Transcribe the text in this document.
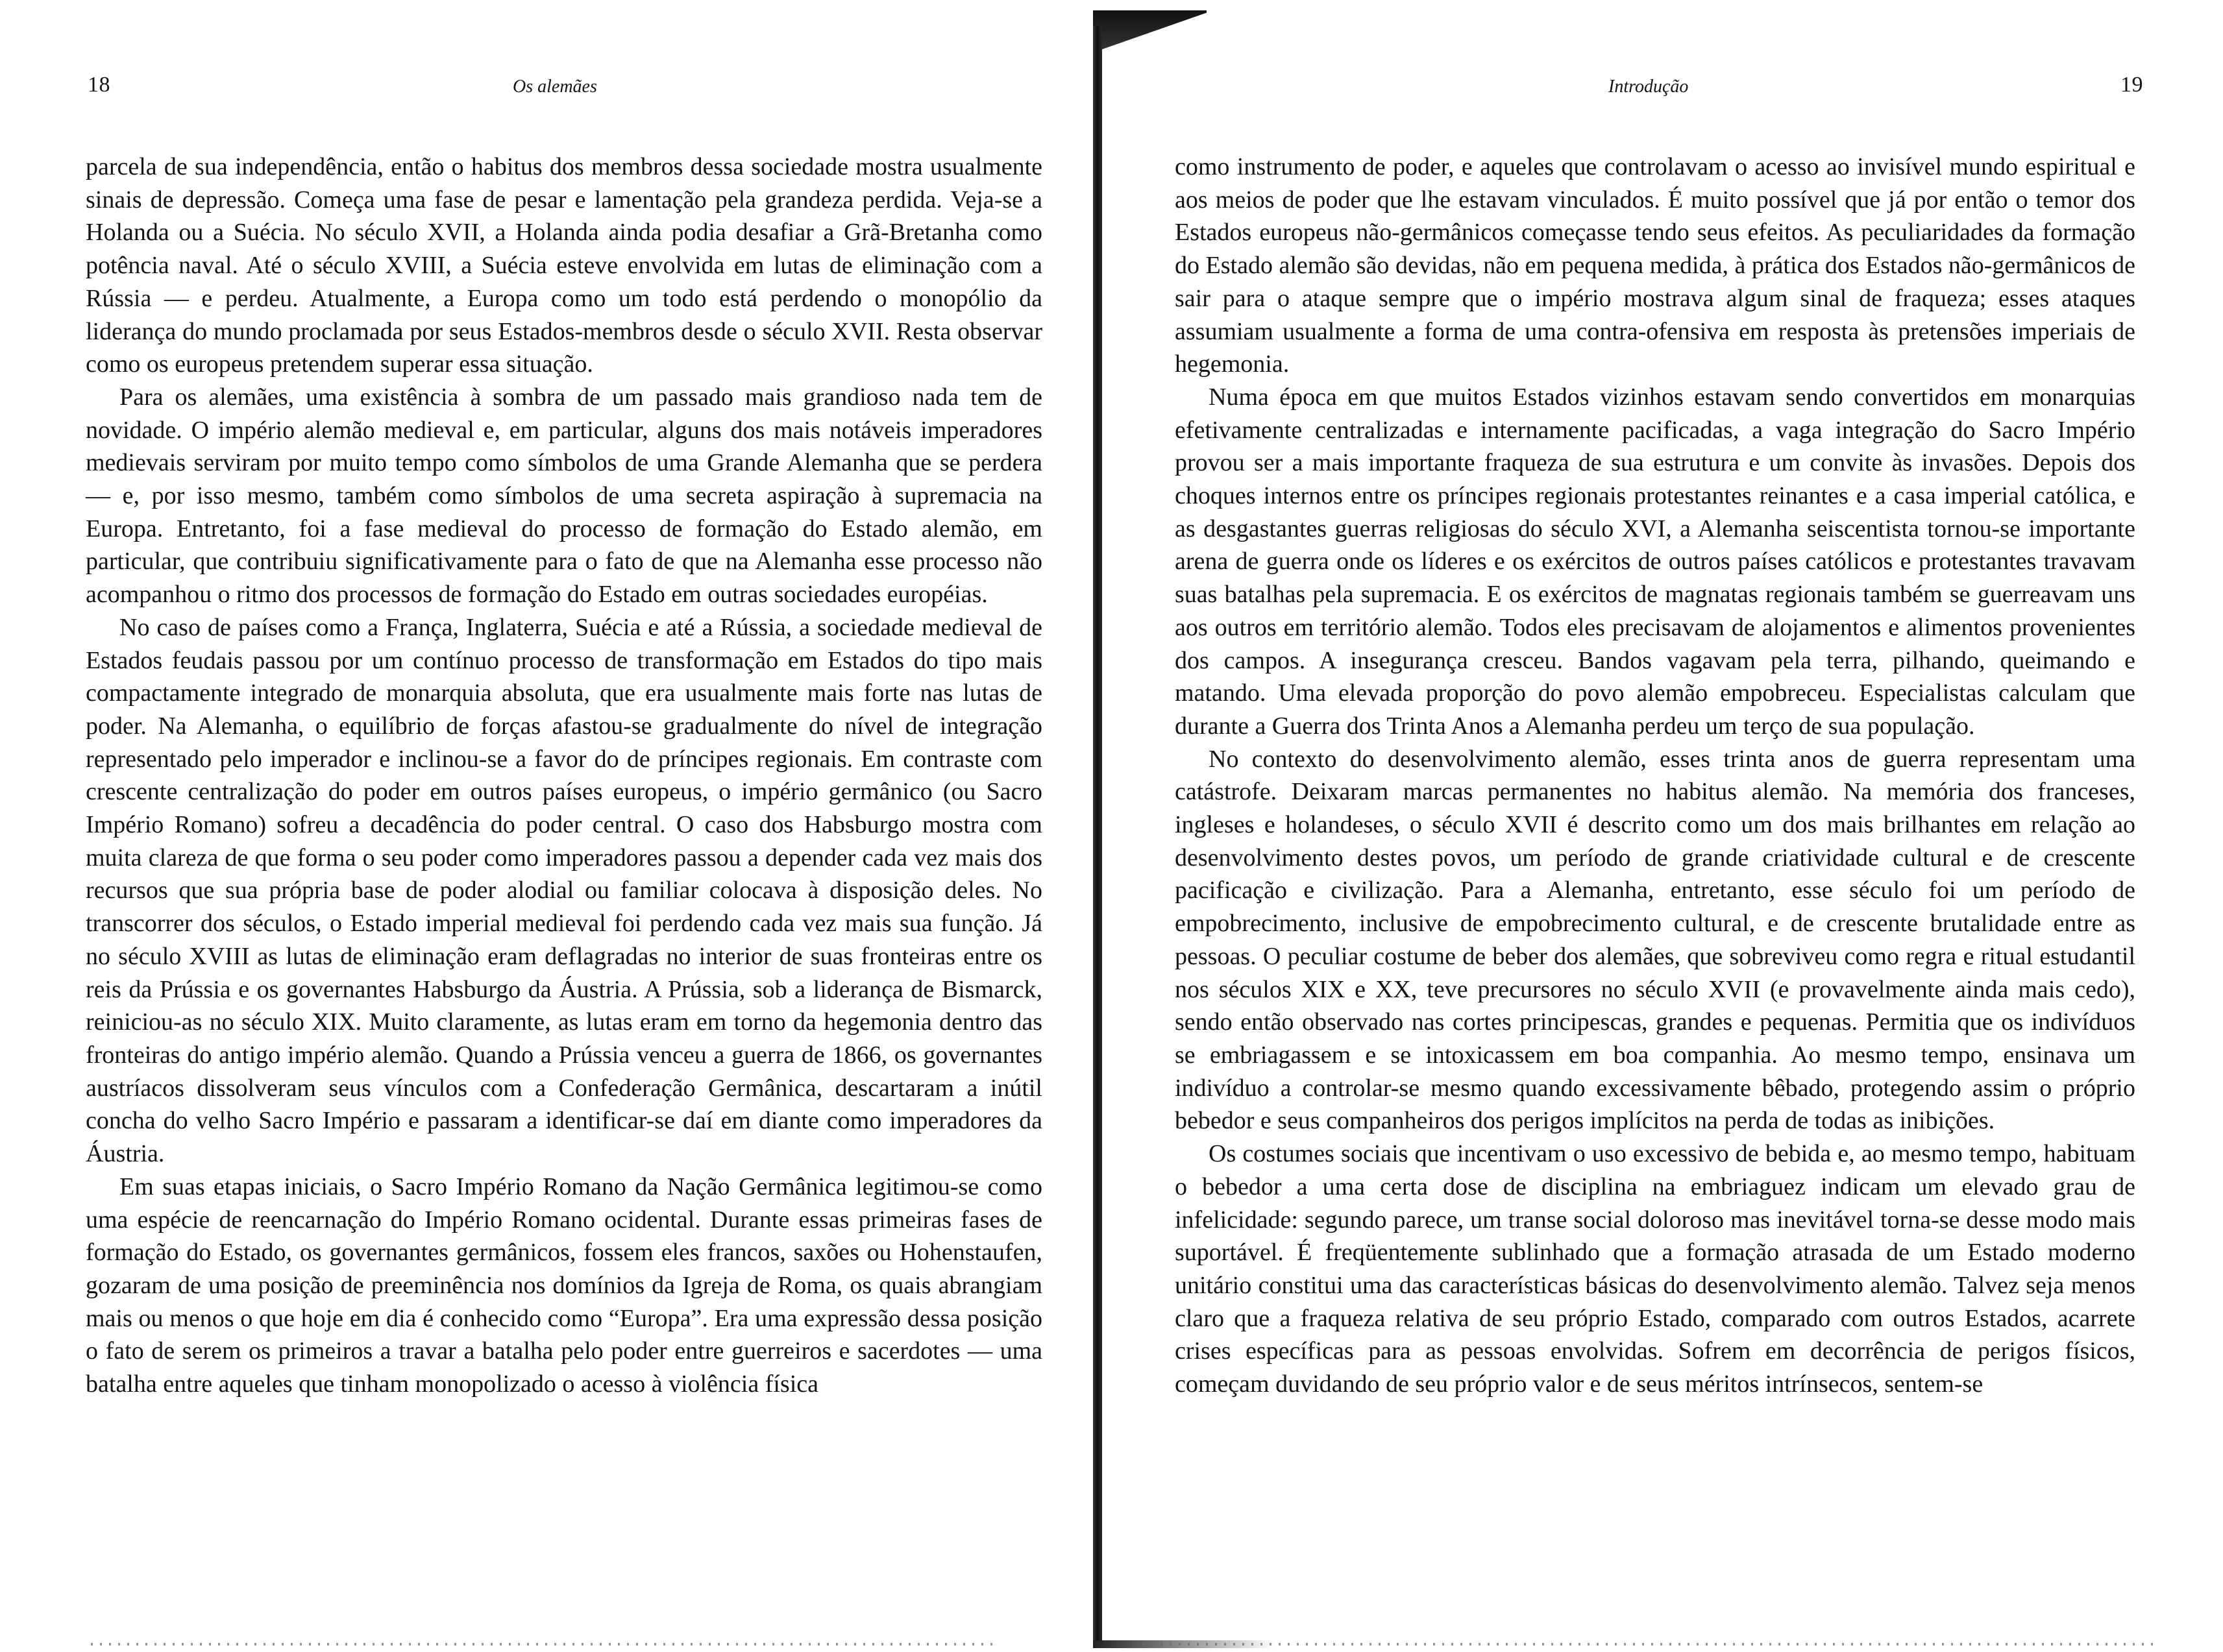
18	Os alemães

parcela de sua independência, então o habitus dos membros dessa sociedade mostra usualmente sinais de depressão. Começa uma fase de pesar e lamentação pela grandeza perdida. Veja-se a Holanda ou a Suécia. No século XVII, a Holanda ainda podia desafiar a Grã-Bretanha como potência naval. Até o século XVIII, a Suécia esteve envolvida em lutas de eliminação com a Rússia — e perdeu. Atualmente, a Europa como um todo está perdendo o monopólio da liderança do mundo proclamada por seus Estados-membros desde o século XVII. Resta observar como os europeus pretendem superar essa situação.

Para os alemães, uma existência à sombra de um passado mais grandioso nada tem de novidade. O império alemão medieval e, em particular, alguns dos mais notáveis imperadores medievais serviram por muito tempo como símbolos de uma Grande Alemanha que se perdera — e, por isso mesmo, também como símbolos de uma secreta aspiração à supremacia na Europa. Entretanto, foi a fase medieval do processo de formação do Estado alemão, em particular, que contribuiu significativamente para o fato de que na Alemanha esse processo não acompanhou o ritmo dos processos de formação do Estado em outras sociedades européias.

No caso de países como a França, Inglaterra, Suécia e até a Rússia, a sociedade medieval de Estados feudais passou por um contínuo processo de transformação em Estados do tipo mais compactamente integrado de monarquia absoluta, que era usualmente mais forte nas lutas de poder. Na Alemanha, o equilíbrio de forças afastou-se gradualmente do nível de integração representado pelo imperador e inclinou-se a favor do de príncipes regionais. Em contraste com crescente centralização do poder em outros países europeus, o império germânico (ou Sacro Império Romano) sofreu a decadência do poder central. O caso dos Habsburgo mostra com muita clareza de que forma o seu poder como imperadores passou a depender cada vez mais dos recursos que sua própria base de poder alodial ou familiar colocava à disposição deles. No transcorrer dos séculos, o Estado imperial medieval foi perdendo cada vez mais sua função. Já no século XVIII as lutas de eliminação eram deflagradas no interior de suas fronteiras entre os reis da Prússia e os governantes Habsburgo da Áustria. A Prússia, sob a liderança de Bismarck, reiniciou-as no século XIX. Muito claramente, as lutas eram em torno da hegemonia dentro das fronteiras do antigo império alemão. Quando a Prússia venceu a guerra de 1866, os governantes austríacos dissolveram seus vínculos com a Confederação Germânica, descartaram a inútil concha do velho Sacro Império e passaram a identificar-se daí em diante como imperadores da Áustria.

Em suas etapas iniciais, o Sacro Império Romano da Nação Germânica legitimou-se como uma espécie de reencarnação do Império Romano ocidental. Durante essas primeiras fases de formação do Estado, os governantes germânicos, fossem eles francos, saxões ou Hohenstaufen, gozaram de uma posição de preeminência nos domínios da Igreja de Roma, os quais abrangiam mais ou menos o que hoje em dia é conhecido como “Europa”. Era uma expressão dessa posição o fato de serem os primeiros a travar a batalha pelo poder entre guerreiros e sacerdotes — uma batalha entre aqueles que tinham monopolizado o acesso à violência física

Introdução	19

como instrumento de poder, e aqueles que controlavam o acesso ao invisível mundo espiritual e aos meios de poder que lhe estavam vinculados. É muito possível que já por então o temor dos Estados europeus não-germânicos começasse tendo seus efeitos. As peculiaridades da formação do Estado alemão são devidas, não em pequena medida, à prática dos Estados não-germânicos de sair para o ataque sempre que o império mostrava algum sinal de fraqueza; esses ataques assumiam usualmente a forma de uma contra-ofensiva em resposta às pretensões imperiais de hegemonia.

Numa época em que muitos Estados vizinhos estavam sendo convertidos em monarquias efetivamente centralizadas e internamente pacificadas, a vaga integração do Sacro Império provou ser a mais importante fraqueza de sua estrutura e um convite às invasões. Depois dos choques internos entre os príncipes regionais protestantes reinantes e a casa imperial católica, e as desgastantes guerras religiosas do século XVI, a Alemanha seiscentista tornou-se importante arena de guerra onde os líderes e os exércitos de outros países católicos e protestantes travavam suas batalhas pela supremacia. E os exércitos de magnatas regionais também se guerreavam uns aos outros em território alemão. Todos eles precisavam de alojamentos e alimentos provenientes dos campos. A insegurança cresceu. Bandos vagavam pela terra, pilhando, queimando e matando. Uma elevada proporção do povo alemão empobreceu. Especialistas calculam que durante a Guerra dos Trinta Anos a Alemanha perdeu um terço de sua população.

No contexto do desenvolvimento alemão, esses trinta anos de guerra representam uma catástrofe. Deixaram marcas permanentes no habitus alemão. Na memória dos franceses, ingleses e holandeses, o século XVII é descrito como um dos mais brilhantes em relação ao desenvolvimento destes povos, um período de grande criatividade cultural e de crescente pacificação e civilização. Para a Alemanha, entretanto, esse século foi um período de empobrecimento, inclusive de empobrecimento cultural, e de crescente brutalidade entre as pessoas. O peculiar costume de beber dos alemães, que sobreviveu como regra e ritual estudantil nos séculos XIX e XX, teve precursores no século XVII (e provavelmente ainda mais cedo), sendo então observado nas cortes principescas, grandes e pequenas. Permitia que os indivíduos se embriagassem e se intoxicassem em boa companhia. Ao mesmo tempo, ensinava um indivíduo a controlar-se mesmo quando excessivamente bêbado, protegendo assim o próprio bebedor e seus companheiros dos perigos implícitos na perda de todas as inibições.

Os costumes sociais que incentivam o uso excessivo de bebida e, ao mesmo tempo, habituam o bebedor a uma certa dose de disciplina na embriaguez indicam um elevado grau de infelicidade: segundo parece, um transe social doloroso mas inevitável torna-se desse modo mais suportável. É freqüentemente sublinhado que a formação atrasada de um Estado moderno unitário constitui uma das características básicas do desenvolvimento alemão. Talvez seja menos claro que a fraqueza relativa de seu próprio Estado, comparado com outros Estados, acarrete crises específicas para as pessoas envolvidas. Sofrem em decorrência de perigos físicos, começam duvidando de seu próprio valor e de seus méritos intrínsecos, sentem-se
